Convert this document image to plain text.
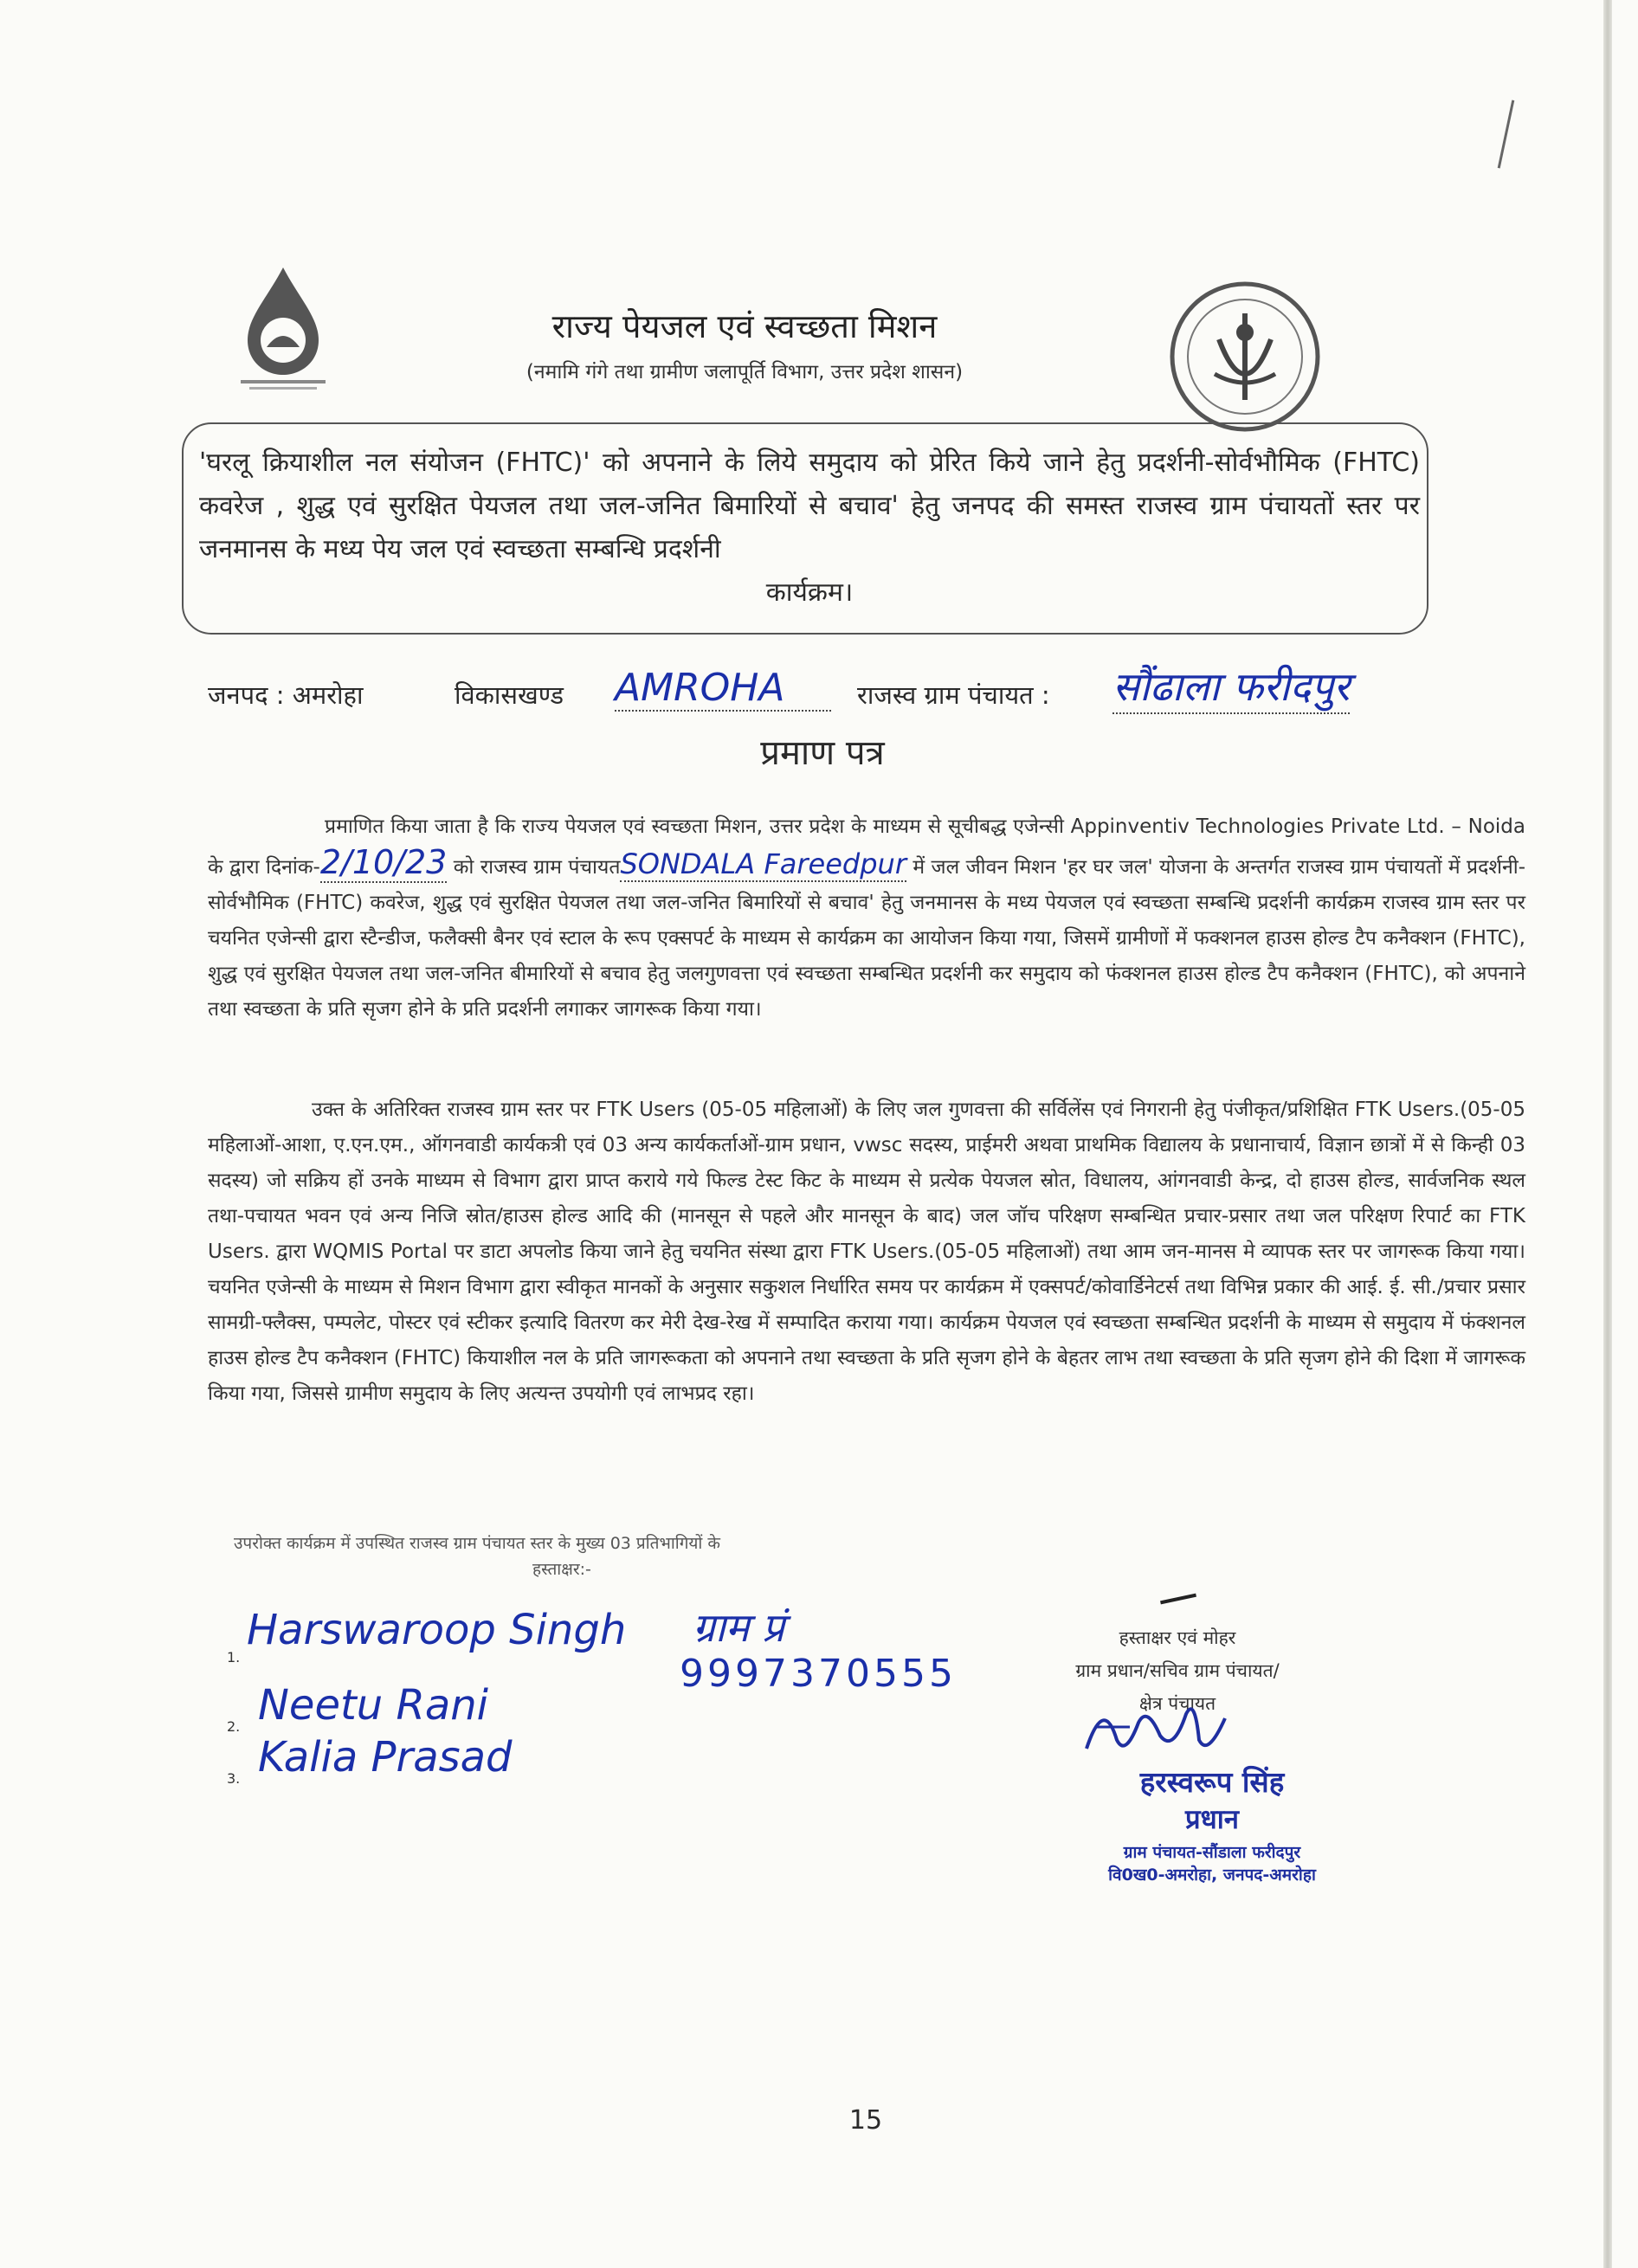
राज्य पेयजल एवं स्वच्छता मिशन
(नमामि गंगे तथा ग्रामीण जलापूर्ति विभाग, उत्तर प्रदेश शासन)
'घरलू क्रियाशील नल संयोजन (FHTC)' को अपनाने के लिये समुदाय को प्रेरित किये जाने हेतु प्रदर्शनी-सोर्वभौमिक (FHTC) कवरेज , शुद्ध एवं सुरक्षित पेयजल तथा जल-जनित बिमारियों से बचाव' हेतु जनपद की समस्त राजस्व ग्राम पंचायतों स्तर पर जनमानस के मध्य पेय जल एवं स्वच्छता सम्बन्धि प्रदर्शनी
कार्यक्रम।
जनपद : अमरोहा	विकासखण्ड AMROHA	राजस्व ग्राम पंचायत : सौंढाला फरीदपुर
प्रमाण पत्र
प्रमाणित किया जाता है कि राज्य पेयजल एवं स्वच्छता मिशन, उत्तर प्रदेश के माध्यम से सूचीबद्ध एजेन्सी Appinventiv Technologies Private Ltd. – Noida के द्वारा दिनांक-2/10/23 को राजस्व ग्राम पंचायतSONDALA Fareedpur में जल जीवन मिशन 'हर घर जल' योजना के अन्तर्गत राजस्व ग्राम पंचायतों में प्रदर्शनी-सोर्वभौमिक (FHTC) कवरेज, शुद्ध एवं सुरक्षित पेयजल तथा जल-जनित बिमारियों से बचाव' हेतु जनमानस के मध्य पेयजल एवं स्वच्छता सम्बन्धि प्रदर्शनी कार्यक्रम राजस्व ग्राम स्तर पर चयनित एजेन्सी द्वारा स्टैन्डीज, फलैक्सी बैनर एवं स्टाल के रूप एक्सपर्ट के माध्यम से कार्यक्रम का आयोजन किया गया, जिसमें ग्रामीणों में फक्शनल हाउस होल्ड टैप कनैक्शन (FHTC), शुद्ध एवं सुरक्षित पेयजल तथा जल-जनित बीमारियों से बचाव हेतु जलगुणवत्ता एवं स्वच्छता सम्बन्धित प्रदर्शनी कर समुदाय को फंक्शनल हाउस होल्ड टैप कनैक्शन (FHTC), को अपनाने तथा स्वच्छता के प्रति सृजग होने के प्रति प्रदर्शनी लगाकर जागरूक किया गया।
उक्त के अतिरिक्त राजस्व ग्राम स्तर पर FTK Users (05-05 महिलाओं) के लिए जल गुणवत्ता की सर्विलेंस एवं निगरानी हेतु पंजीकृत/प्रशिक्षित FTK Users.(05-05 महिलाओं-आशा, ए.एन.एम., ऑगनवाडी कार्यकत्री एवं 03 अन्य कार्यकर्ताओं-ग्राम प्रधान, vwsc सदस्य, प्राईमरी अथवा प्राथमिक विद्यालय के प्रधानाचार्य, विज्ञान छात्रों में से किन्ही 03 सदस्य) जो सक्रिय हों उनके माध्यम से विभाग द्वारा प्राप्त कराये गये फिल्ड टेस्ट किट के माध्यम से प्रत्येक पेयजल स्रोत, विधालय, आंगनवाडी केन्द्र, दो हाउस होल्ड, सार्वजनिक स्थल तथा-पचायत भवन एवं अन्य निजि स्रोत/हाउस होल्ड आदि की (मानसून से पहले और मानसून के बाद) जल जॉच परिक्षण सम्बन्धित प्रचार-प्रसार तथा जल परिक्षण रिपार्ट का FTK Users. द्वारा WQMIS Portal पर डाटा अपलोड किया जाने हेतु चयनित संस्था द्वारा FTK Users.(05-05 महिलाओं) तथा आम जन-मानस मे व्यापक स्तर पर जागरूक किया गया। चयनित एजेन्सी के माध्यम से मिशन विभाग द्वारा स्वीकृत मानकों के अनुसार सकुशल निर्धारित समय पर कार्यक्रम में एक्सपर्ट/कोवार्डिनेटर्स तथा विभिन्न प्रकार की आई. ई. सी./प्रचार प्रसार सामग्री-फ्लैक्स, पम्पलेट, पोस्टर एवं स्टीकर इत्यादि वितरण कर मेरी देख-रेख में सम्पादित कराया गया। कार्यक्रम पेयजल एवं स्वच्छता सम्बन्धित प्रदर्शनी के माध्यम से समुदाय में फंक्शनल हाउस होल्ड टैप कनैक्शन (FHTC) कियाशील नल के प्रति जागरूकता को अपनाने तथा स्वच्छता के प्रति सृजग होने के बेहतर लाभ तथा स्वच्छता के प्रति सृजग होने की दिशा में जागरूक किया गया, जिससे ग्रामीण समुदाय के लिए अत्यन्त उपयोगी एवं लाभप्रद रहा।
उपरोक्त कार्यक्रम में उपस्थित राजस्व ग्राम पंचायत स्तर के मुख्य 03 प्रतिभागियों के
हस्ताक्षर:-
1.
2.
3.
Harswaroop Singh ग्राम प्रं
9997370555
Neetu Rani
Kalia Prasad
हस्ताक्षर एवं मोहर
ग्राम प्रधान/सचिव ग्राम पंचायत/
क्षेत्र पंचायत
हरस्वरूप सिंह
प्रधान
ग्राम पंचायत-सौंडाला फरीदपुर
वि0ख0-अमरोहा, जनपद-अमरोहा
15
